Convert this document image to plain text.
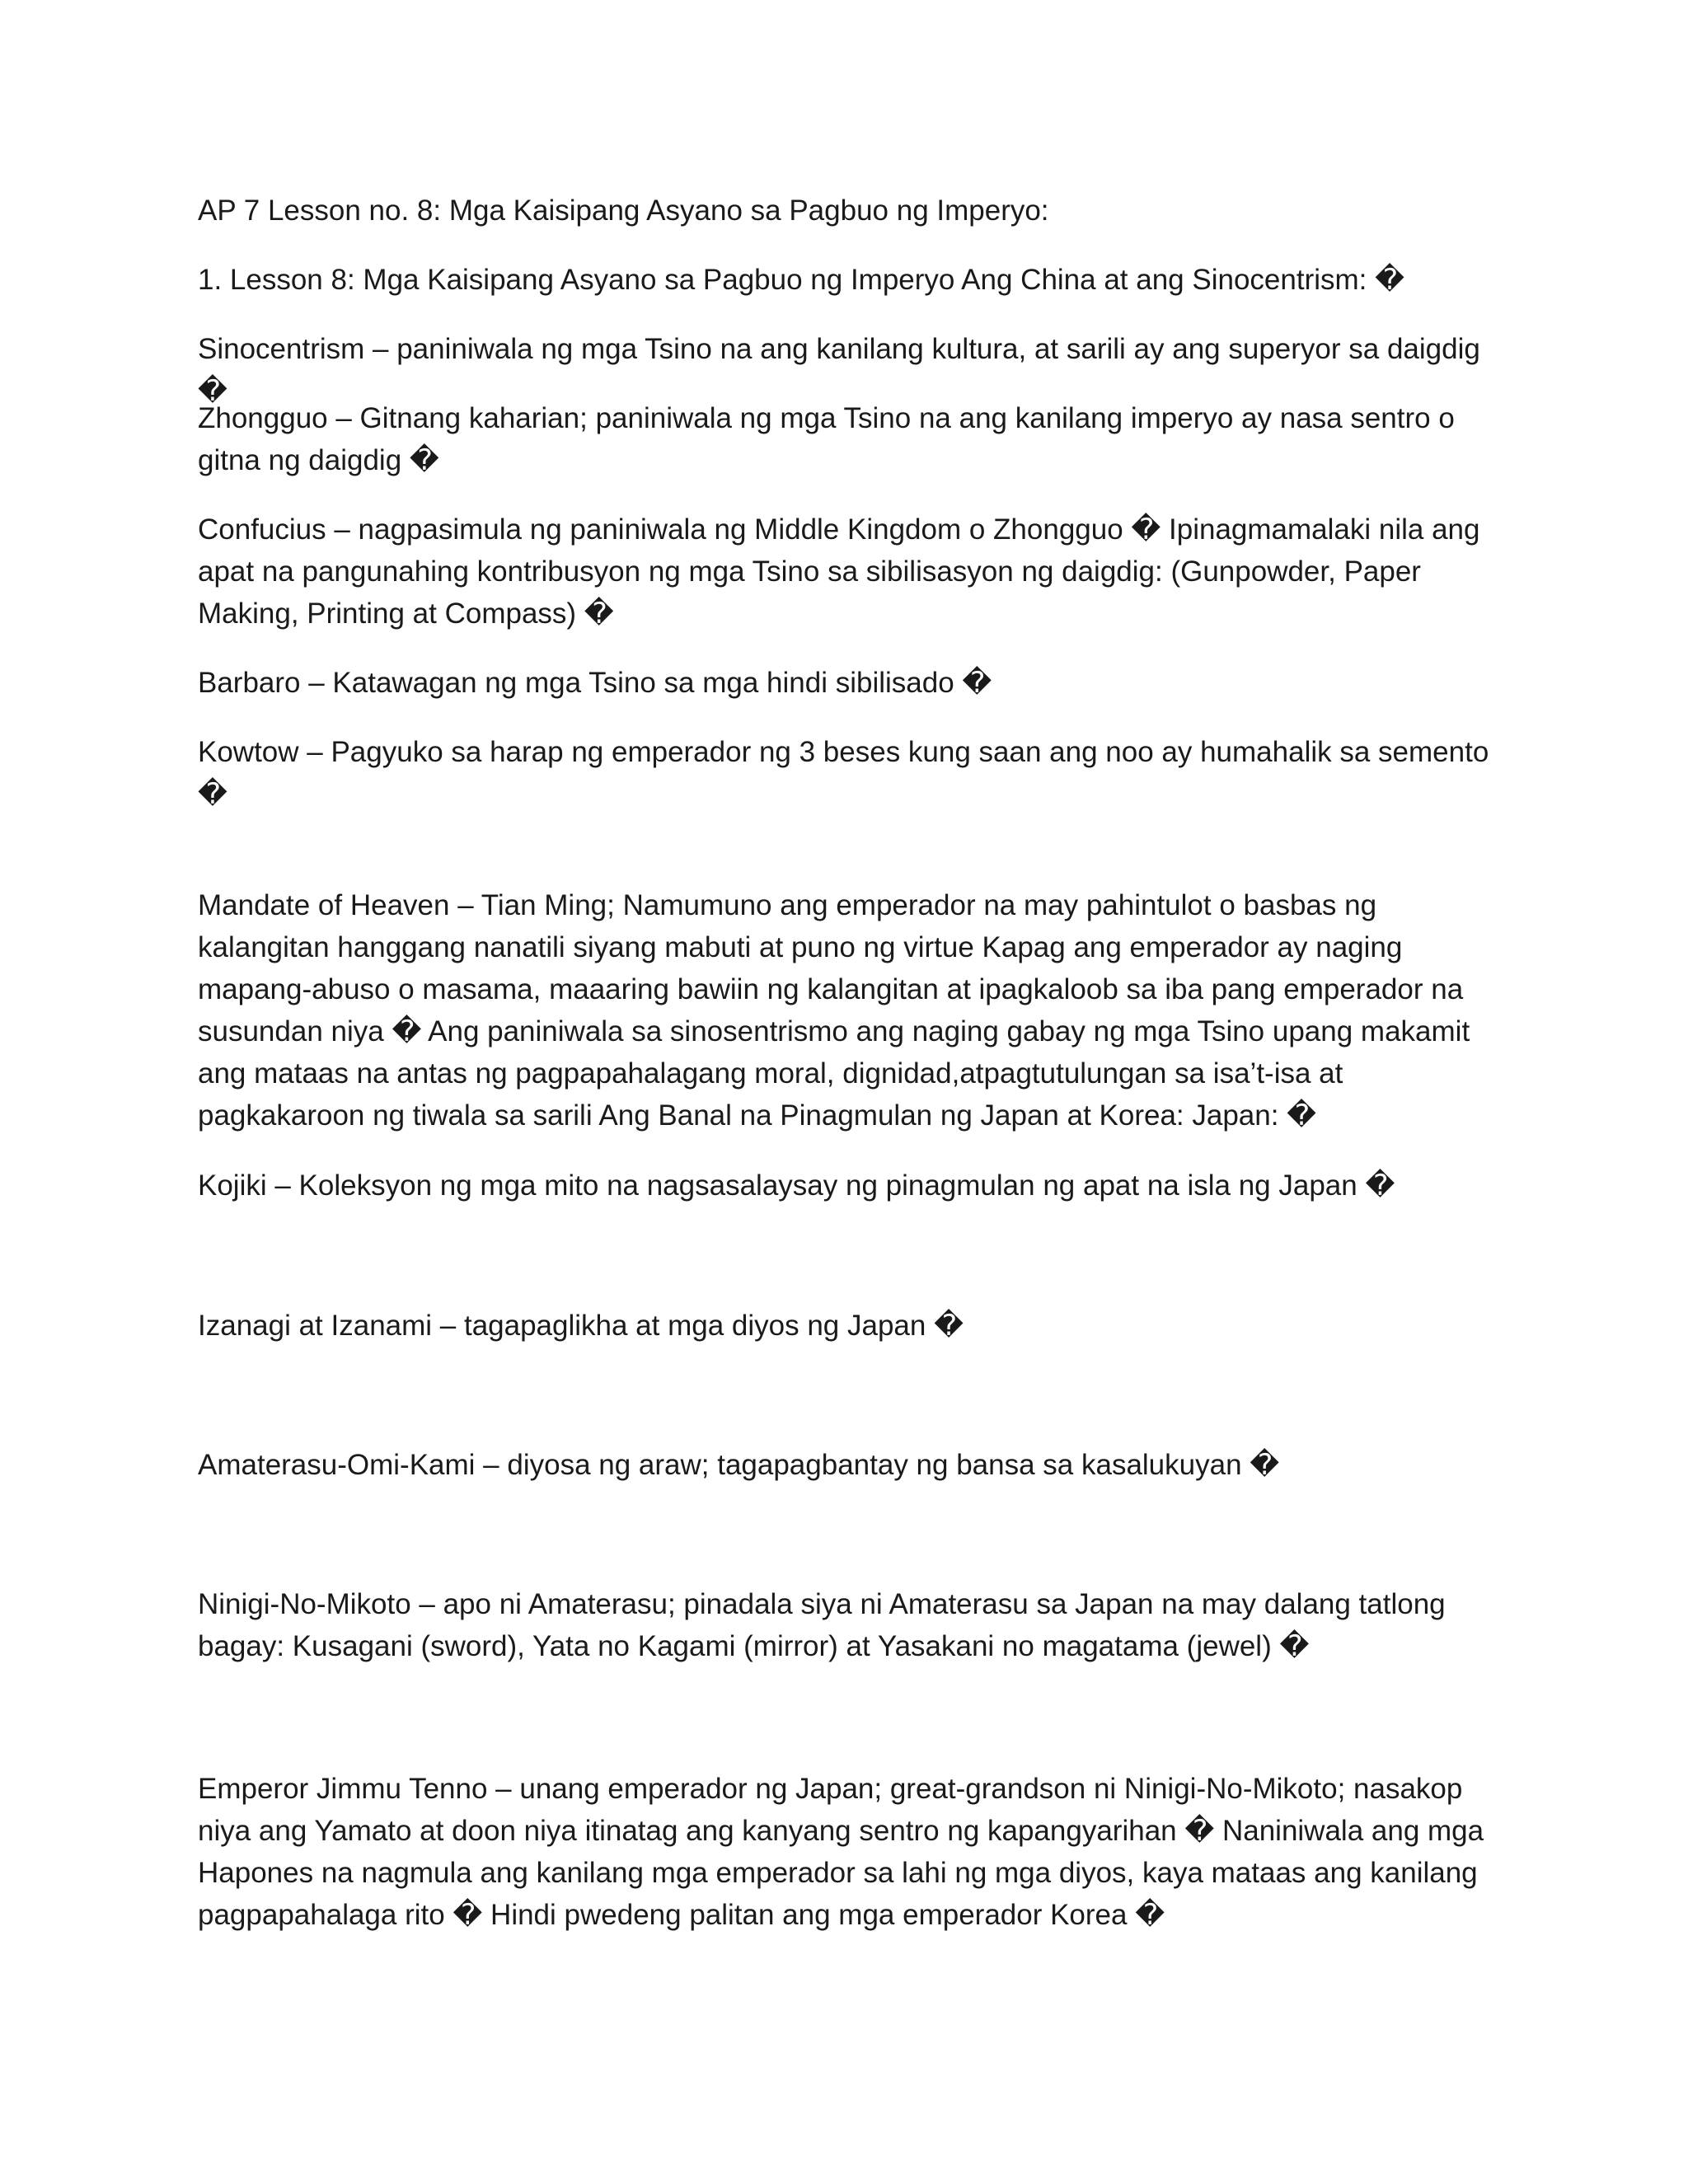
AP 7 Lesson no. 8: Mga Kaisipang Asyano sa Pagbuo ng Imperyo:

1. Lesson 8: Mga Kaisipang Asyano sa Pagbuo ng Imperyo Ang China at ang Sinocentrism: �

Sinocentrism – paniniwala ng mga Tsino na ang kanilang kultura, at sarili ay ang superyor sa daigdig �

Zhongguo – Gitnang kaharian; paniniwala ng mga Tsino na ang kanilang imperyo ay nasa sentro o gitna ng daigdig �

Confucius – nagpasimula ng paniniwala ng Middle Kingdom o Zhongguo � Ipinagmamalaki nila ang apat na pangunahing kontribusyon ng mga Tsino sa sibilisasyon ng daigdig: (Gunpowder, Paper Making, Printing at Compass) �

Barbaro – Katawagan ng mga Tsino sa mga hindi sibilisado �

Kowtow – Pagyuko sa harap ng emperador ng 3 beses kung saan ang noo ay humahalik sa semento �

Mandate of Heaven – Tian Ming; Namumuno ang emperador na may pahintulot o basbas ng kalangitan hanggang nanatili siyang mabuti at puno ng virtue Kapag ang emperador ay naging mapang-abuso o masama, maaaring bawiin ng kalangitan at ipagkaloob sa iba pang emperador na susundan niya � Ang paniniwala sa sinosentrismo ang naging gabay ng mga Tsino upang makamit ang mataas na antas ng pagpapahalagang moral, dignidad,atpagtutulungan sa isa’t-isa at pagkakaroon ng tiwala sa sarili Ang Banal na Pinagmulan ng Japan at Korea: Japan: �

Kojiki – Koleksyon ng mga mito na nagsasalaysay ng pinagmulan ng apat na isla ng Japan �

Izanagi at Izanami – tagapaglikha at mga diyos ng Japan �

Amaterasu-Omi-Kami – diyosa ng araw; tagapagbantay ng bansa sa kasalukuyan �

Ninigi-No-Mikoto – apo ni Amaterasu; pinadala siya ni Amaterasu sa Japan na may dalang tatlong bagay: Kusagani (sword), Yata no Kagami (mirror) at Yasakani no magatama (jewel) �

Emperor Jimmu Tenno – unang emperador ng Japan; great-grandson ni Ninigi-No-Mikoto; nasakop niya ang Yamato at doon niya itinatag ang kanyang sentro ng kapangyarihan � Naniniwala ang mga Hapones na nagmula ang kanilang mga emperador sa lahi ng mga diyos, kaya mataas ang kanilang pagpapahalaga rito � Hindi pwedeng palitan ang mga emperador Korea �
